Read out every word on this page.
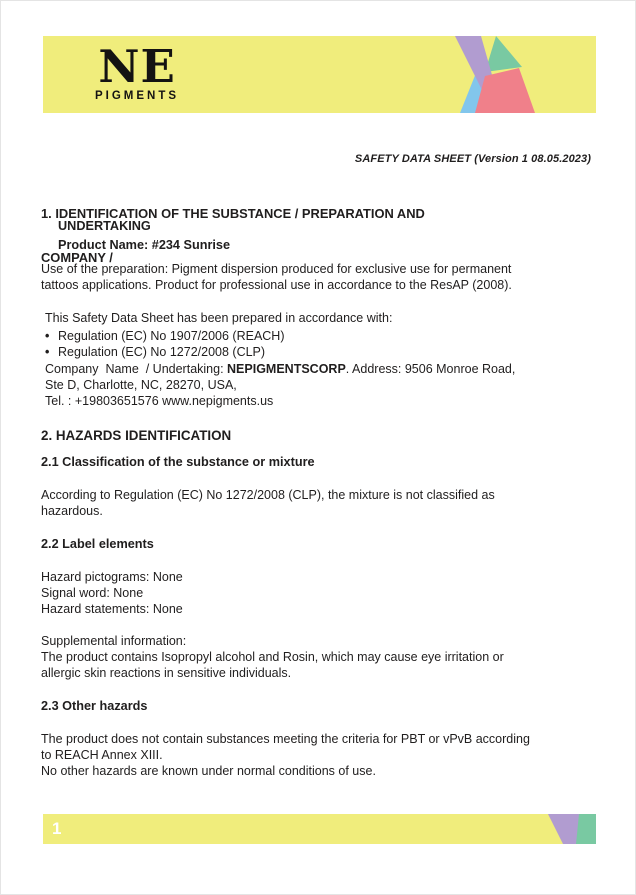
NE
PIGMENTS
SAFETY DATA SHEET (Version 1 08.05.2023)

1. IDENTIFICATION OF THE SUBSTANCE / PREPARATION AND

COMPANY /

UNDERTAKING
Product Name: #234 Sunrise
Use of the preparation: Pigment dispersion produced for exclusive use for permanent
tattoos applications. Product for professional use in accordance to the ResAP (2008).
This Safety Data Sheet has been prepared in accordance with:
• Regulation (EC) No 1907/2006 (REACH)
• Regulation (EC) No 1272/2008 (CLP)
Company  Name  / Undertaking: NEPIGMENTSCORP. Address: 9506 Monroe Road,
Ste D, Charlotte, NC, 28270, USA,
Tel. : +19803651576 www.nepigments.us
2. HAZARDS IDENTIFICATION
2.1 Classification of the substance or mixture
According to Regulation (EC) No 1272/2008 (CLP), the mixture is not classified as
hazardous.
2.2 Label elements
Hazard pictograms: None
Signal word: None
Hazard statements: None
Supplemental information:
The product contains Isopropyl alcohol and Rosin, which may cause eye irritation or
allergic skin reactions in sensitive individuals.
2.3 Other hazards
The product does not contain substances meeting the criteria for PBT or vPvB according
to REACH Annex XIII.
No other hazards are known under normal conditions of use.
1
